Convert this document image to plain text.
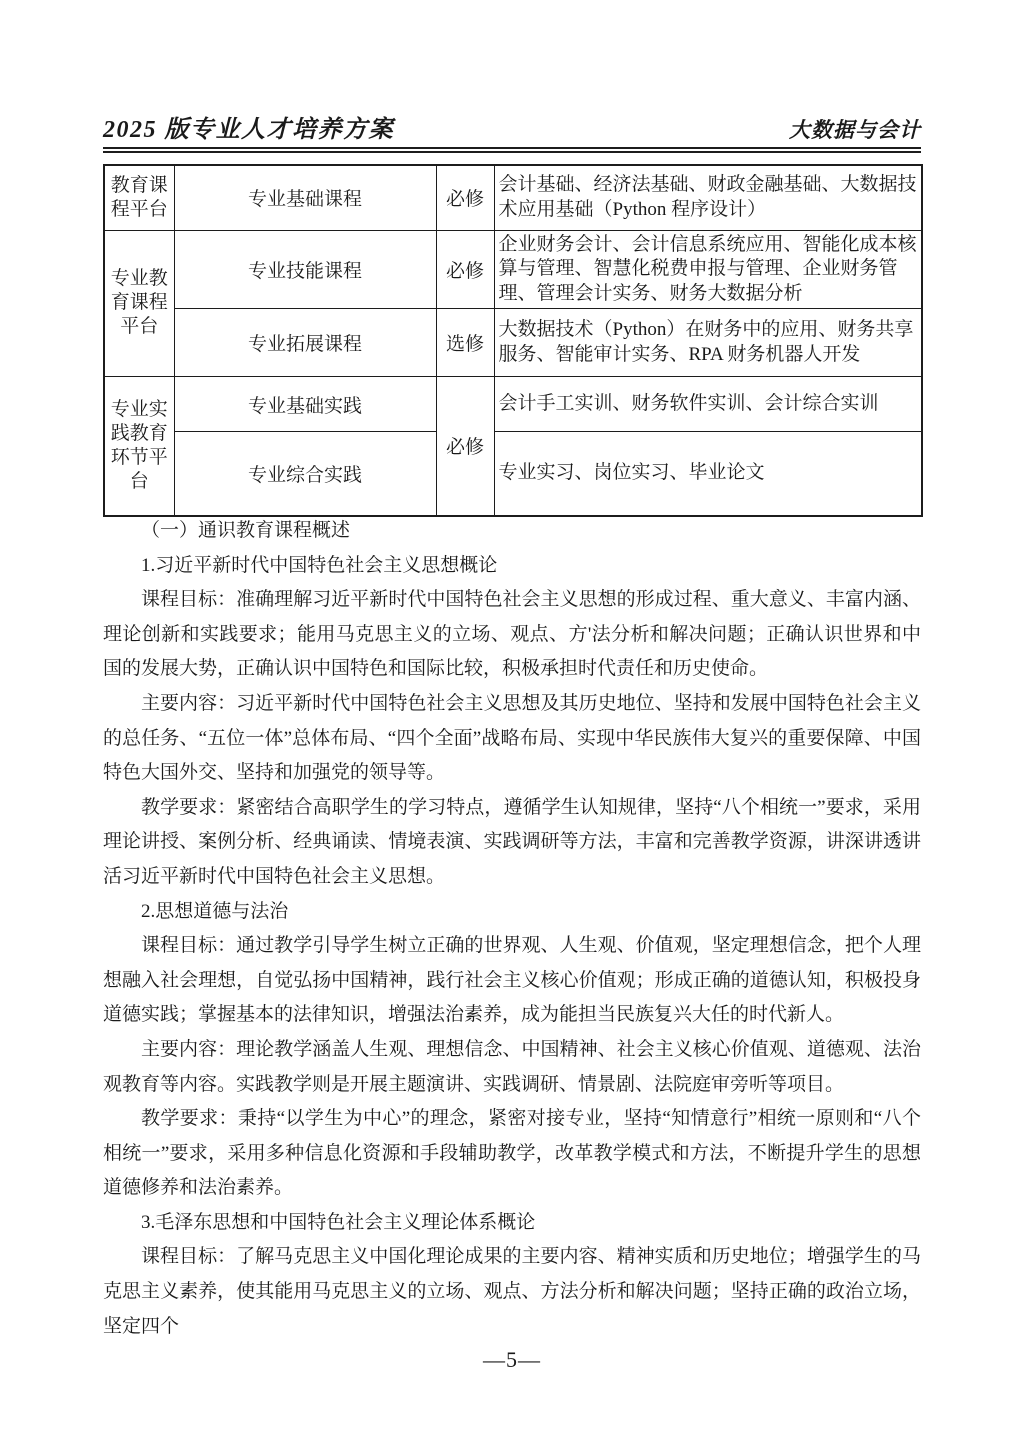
2025 版专业人才培养方案	大数据与会计
教育课程平台	专业基础课程	必修	会计基础、经济法基础、财政金融基础、大数据技术应用基础（Python 程序设计）
专业教育课程平台	专业技能课程	必修	企业财务会计、会计信息系统应用、智能化成本核算与管理、智慧化税费申报与管理、企业财务管理、管理会计实务、财务大数据分析
	专业拓展课程	选修	大数据技术（Python）在财务中的应用、财务共享服务、智能审计实务、RPA 财务机器人开发
专业实践教育环节平台	专业基础实践	必修	会计手工实训、财务软件实训、会计综合实训
	专业综合实践		专业实习、岗位实习、毕业论文

（一）通识教育课程概述

1.习近平新时代中国特色社会主义思想概论

课程目标：准确理解习近平新时代中国特色社会主义思想的形成过程、重大意义、丰富内涵、理论创新和实践要求；能用马克思主义的立场、观点、方'法分析和解决问题；正确认识世界和中国的发展大势，正确认识中国特色和国际比较，积极承担时代责任和历史使命。

主要内容：习近平新时代中国特色社会主义思想及其历史地位、坚持和发展中国特色社会主义的总任务、“五位一体”总体布局、“四个全面”战略布局、实现中华民族伟大复兴的重要保障、中国特色大国外交、坚持和加强党的领导等。

教学要求：紧密结合高职学生的学习特点，遵循学生认知规律，坚持“八个相统一”要求，采用理论讲授、案例分析、经典诵读、情境表演、实践调研等方法，丰富和完善教学资源，讲深讲透讲活习近平新时代中国特色社会主义思想。

2.思想道德与法治

课程目标：通过教学引导学生树立正确的世界观、人生观、价值观，坚定理想信念，把个人理想融入社会理想，自觉弘扬中国精神，践行社会主义核心价值观；形成正确的道德认知，积极投身道德实践；掌握基本的法律知识，增强法治素养，成为能担当民族复兴大任的时代新人。

主要内容：理论教学涵盖人生观、理想信念、中国精神、社会主义核心价值观、道德观、法治观教育等内容。实践教学则是开展主题演讲、实践调研、情景剧、法院庭审旁听等项目。

教学要求：秉持“以学生为中心”的理念，紧密对接专业，坚持“知情意行”相统一原则和“八个相统一”要求，采用多种信息化资源和手段辅助教学，改革教学模式和方法，不断提升学生的思想道德修养和法治素养。

3.毛泽东思想和中国特色社会主义理论体系概论

课程目标：了解马克思主义中国化理论成果的主要内容、精神实质和历史地位；增强学生的马克思主义素养，使其能用马克思主义的立场、观点、方法分析和解决问题；坚持正确的政治立场，坚定四个

—5—
